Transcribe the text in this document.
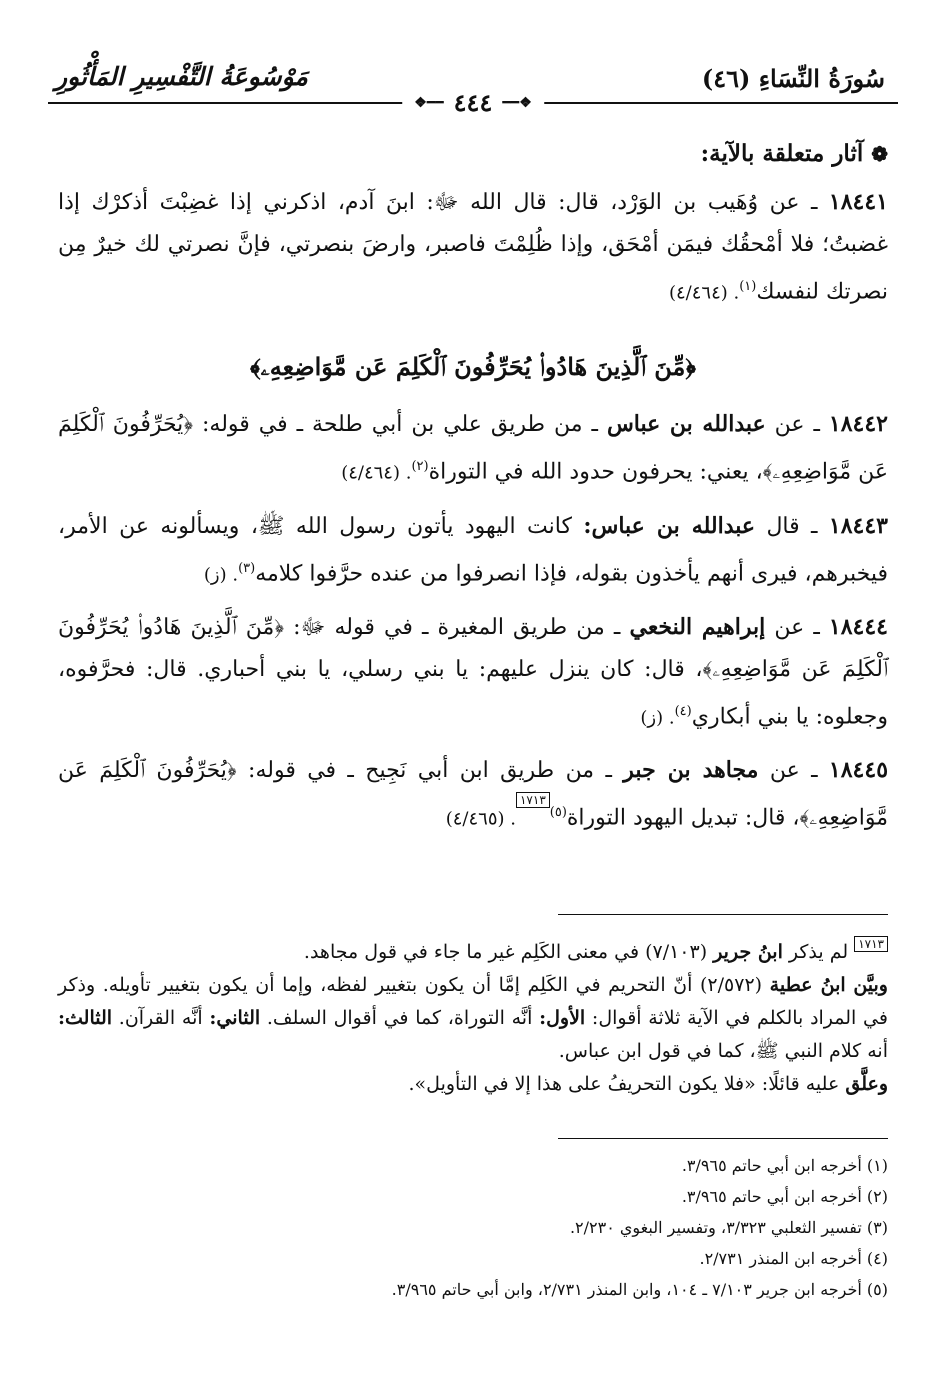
سُورَةُ النِّسَاءِ (٤٦)
مَوْسُوعَةُ التَّفْسِيرِ المَأْثُورِ
❖━━
٤٤٤
━━❖
❁آثار متعلقة بالآية:

١٨٤٤١ ـ عن وُهَيب بن الوَرْد، قال: قال الله ﷻ: ابنَ آدم، اذكرني إذا غضِبْتَ أذكرْك إذا غضبتُ؛ فلا أمْحقُك فيمَن أمْحَق، وإذا ظُلِمْتَ فاصبر، وارضَ بنصرتي، فإنَّ نصرتي لك خيرٌ مِن نصرتك لنفسك$^{(١)}$. (٤/٤٦٤)

﴿مِّنَ ٱلَّذِينَ هَادُوا۟ يُحَرِّفُونَ ٱلْكَلِمَ عَن مَّوَاضِعِهِۦ﴾

١٨٤٤٢ ـ عن عبدالله بن عباس ـ من طريق علي بن أبي طلحة ـ في قوله: ﴿يُحَرِّفُونَ ٱلْكَلِمَ عَن مَّوَاضِعِهِۦ﴾، يعني: يحرفون حدود الله في التوراة$^{(٢)}$. (٤/٤٦٤)

١٨٤٤٣ ـ قال عبدالله بن عباس: كانت اليهود يأتون رسول الله ﷺ، ويسألونه عن الأمر، فيخبرهم، فيرى أنهم يأخذون بقوله، فإذا انصرفوا من عنده حرَّفوا كلامه$^{(٣)}$. (ز)

١٨٤٤٤ ـ عن إبراهيم النخعي ـ من طريق المغيرة ـ في قوله ﷻ: ﴿مِّنَ ٱلَّذِينَ هَادُوا۟ يُحَرِّفُونَ ٱلْكَلِمَ عَن مَّوَاضِعِهِۦ﴾، قال: كان ينزل عليهم: يا بني رسلي، يا بني أحباري. قال: فحرَّفوه، وجعلوه: يا بني أبكاري$^{(٤)}$. (ز)

١٨٤٤٥ ـ عن مجاهد بن جبر ـ من طريق ابن أبي نَجِيح ـ في قوله: ﴿يُحَرِّفُونَ ٱلْكَلِمَ عَن مَّوَاضِعِهِۦ﴾، قال: تبديل اليهود التوراة$^{(٥)}$١٧١٣. (٤/٤٦٥)

١٧١٣ لم يذكر ابنُ جرير (٧/١٠٣) في معنى الكَلِم غير ما جاء في قول مجاهد.
وبيَّن ابنُ عطية (٢/٥٧٢) أنّ التحريم في الكَلِم إمَّا أن يكون بتغيير لفظه، وإما أن يكون بتغيير تأويله. وذكر في المراد بالكلم في الآية ثلاثة أقوال: الأول: أنَّه التوراة، كما في أقوال السلف. الثاني: أنَّه القرآن. الثالث: أنه كلام النبي ﷺ، كما في قول ابن عباس.
وعلَّق عليه قائلًا: «فلا يكون التحريفُ على هذا إلا في التأويل».
(١) أخرجه ابن أبي حاتم ٣/٩٦٥.
(٢) أخرجه ابن أبي حاتم ٣/٩٦٥.
(٣) تفسير الثعلبي ٣/٣٢٣، وتفسير البغوي ٢/٢٣٠.
(٤) أخرجه ابن المنذر ٢/٧٣١.
(٥) أخرجه ابن جرير ٧/١٠٣ ـ ١٠٤، وابن المنذر ٢/٧٣١، وابن أبي حاتم ٣/٩٦٥.
